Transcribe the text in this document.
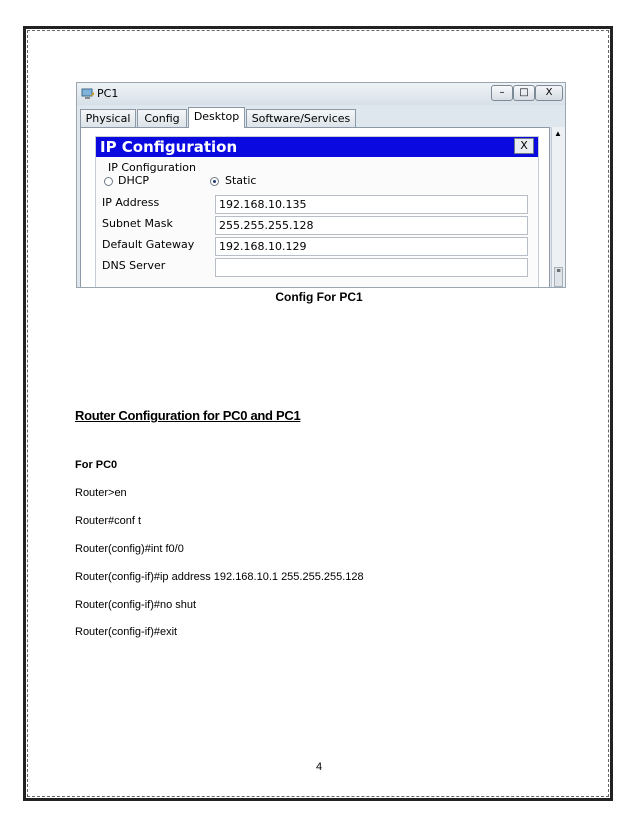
PC1	–	□	X
Physical	Config	Desktop	Software/Services
IP Configuration	X
IP Configuration
DHCP	Static
IP Address	192.168.10.135
Subnet Mask	255.255.255.128
Default Gateway	192.168.10.129
DNS Server
▲
≡
Config For PC1
Router Configuration for PC0 and PC1
For PC0
Router>en
Router#conf t
Router(config)#int f0/0
Router(config-if)#ip address 192.168.10.1 255.255.255.128
Router(config-if)#no shut
Router(config-if)#exit
4
